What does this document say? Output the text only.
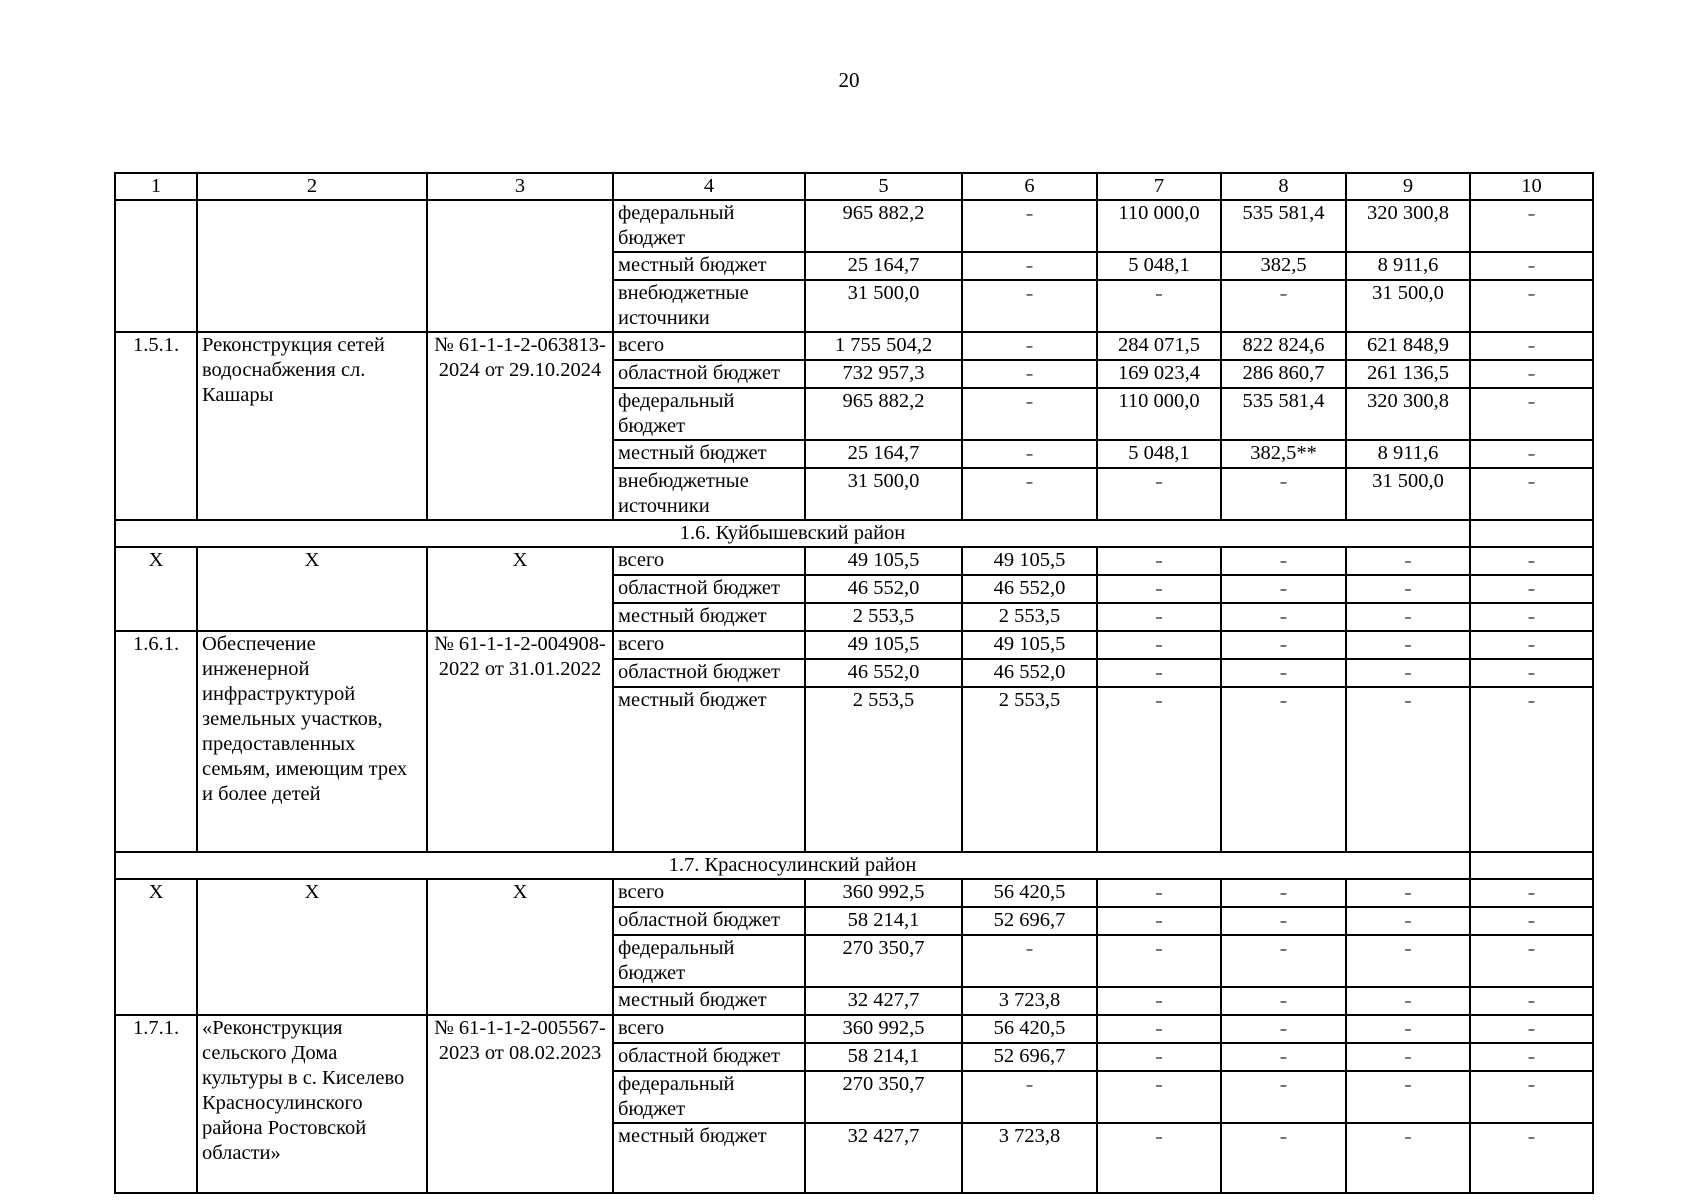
20
1	2	3	4	5	6	7	8	9	10
			федеральный бюджет	965 882,2	–	110 000,0	535 581,4	320 300,8	–
			местный бюджет	25 164,7	–	5 048,1	382,5	8 911,6	–
			внебюджетные источники	31 500,0	–	–	–	31 500,0	–
1.5.1.	Реконструкция сетей водоснабжения сл. Кашары	№ 61-1-1-2-063813-2024 от 29.10.2024	всего	1 755 504,2	–	284 071,5	822 824,6	621 848,9	–
			областной бюджет	732 957,3	–	169 023,4	286 860,7	261 136,5	–
			федеральный бюджет	965 882,2	–	110 000,0	535 581,4	320 300,8	–
			местный бюджет	25 164,7	–	5 048,1	382,5**	8 911,6	–
			внебюджетные источники	31 500,0	–	–	–	31 500,0	–
1.6. Куйбышевский район									
Х	Х	Х	всего	49 105,5	49 105,5	–	–	–	–
			областной бюджет	46 552,0	46 552,0	–	–	–	–
			местный бюджет	2 553,5	2 553,5	–	–	–	–
1.6.1.	Обеспечение инженерной инфраструктурой земельных участков, предоставленных семьям, имеющим трех и более детей	№ 61-1-1-2-004908-2022 от 31.01.2022	всего	49 105,5	49 105,5	–	–	–	–
			областной бюджет	46 552,0	46 552,0	–	–	–	–
			местный бюджет	2 553,5	2 553,5	–	–	–	–
1.7. Красносулинский район									
Х	Х	Х	всего	360 992,5	56 420,5	–	–	–	–
			областной бюджет	58 214,1	52 696,7	–	–	–	–
			федеральный бюджет	270 350,7	–	–	–	–	–
			местный бюджет	32 427,7	3 723,8	–	–	–	–
1.7.1.	«Реконструкция сельского Дома культуры в с. Киселево Красносулинского района Ростовской области»	№ 61-1-1-2-005567-2023 от 08.02.2023	всего	360 992,5	56 420,5	–	–	–	–
			областной бюджет	58 214,1	52 696,7	–	–	–	–
			федеральный бюджет	270 350,7	–	–	–	–	–
			местный бюджет	32 427,7	3 723,8	–	–	–	–
